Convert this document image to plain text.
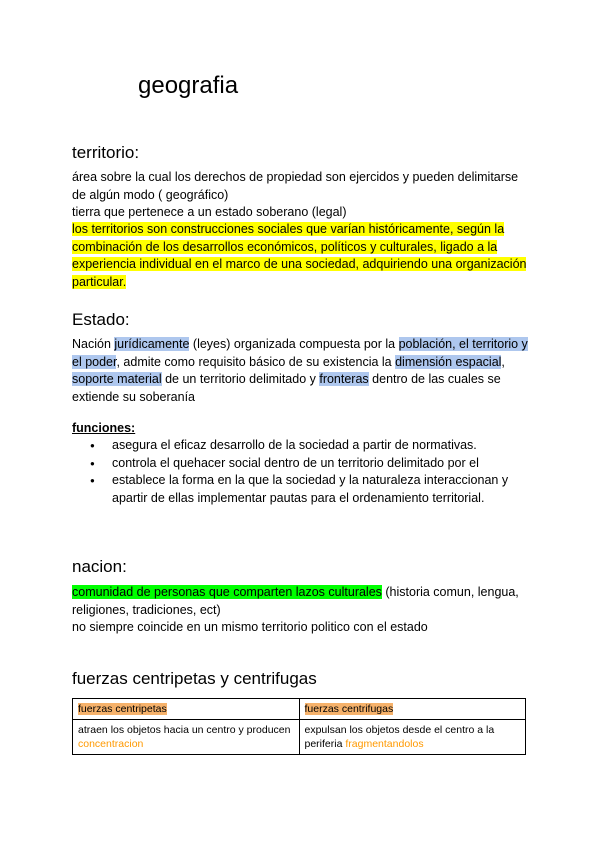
geografia
territorio:

área sobre la cual los derechos de propiedad son ejercidos y pueden delimitarse de algún modo ( geográfico)

tierra que pertenece a un estado soberano (legal)

los territorios son construcciones sociales que varían históricamente, según la combinación de los desarrollos económicos, políticos y culturales, ligado a la experiencia individual en el marco de una sociedad, adquiriendo una organización particular.

Estado:

Nación jurídicamente (leyes) organizada compuesta por la población, el territorio y el poder, admite como requisito básico de su existencia la dimensión espacial, soporte material de un territorio delimitado y fronteras dentro de las cuales se extiende su soberanía

funciones:

● asegura el eficaz desarrollo de la sociedad a partir de normativas.
● controla el quehacer social dentro de un territorio delimitado por el
● establece la forma en la que la sociedad y la naturaleza interaccionan y apartir de ellas implementar pautas para el ordenamiento territorial.
nacion:

comunidad de personas que comparten lazos culturales (historia comun, lengua, religiones, tradiciones, ect)

no siempre coincide en un mismo territorio politico con el estado

fuerzas centripetas y centrifugas
fuerzas centripetas	fuerzas centrifugas
atraen los objetos hacia un centro y producen concentracion	expulsan los objetos desde el centro a la periferia fragmentandolos
